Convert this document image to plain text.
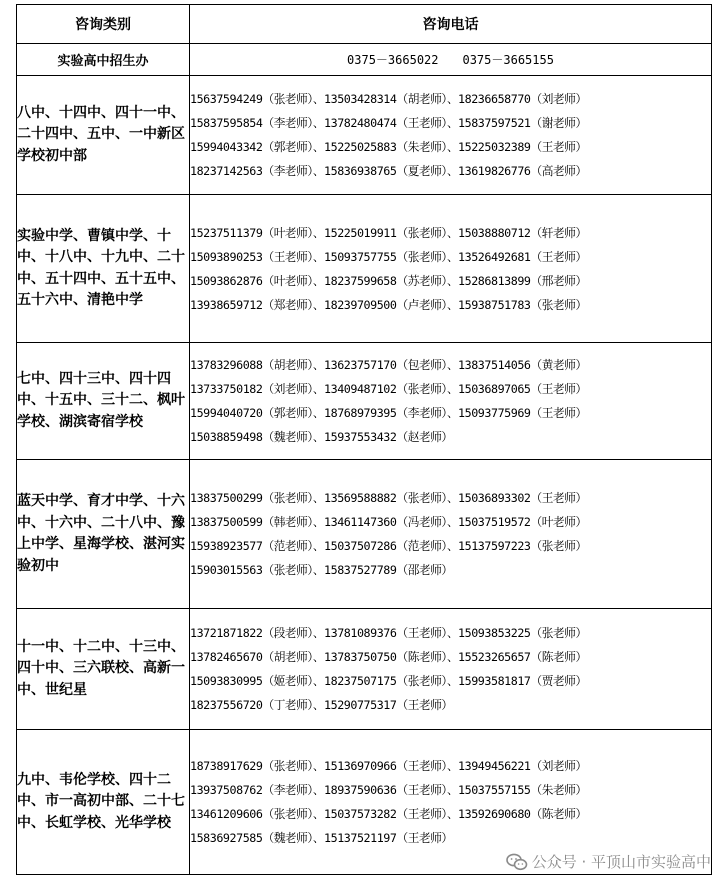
咨询类别	咨询电话
实验高中招生办	0375－3665022　　0375－3665155
八中、十四中、四十一中、二十四中、五中、一中新区学校初中部	15637594249（张老师）、13503428314（胡老师）、18236658770（刘老师）
15837595854（李老师）、13782480474（王老师）、15837597521（谢老师）
15994043342（郭老师）、15225025883（朱老师）、15225032389（王老师）
18237142563（李老师）、15836938765（夏老师）、13619826776（高老师）
实验中学、曹镇中学、十中、十八中、十九中、二十中、五十四中、五十五中、五十六中、清艳中学	15237511379（叶老师）、15225019911（张老师）、15038880712（轩老师）
15093890253（王老师）、15093757755（张老师）、13526492681（王老师）
15093862876（叶老师）、18237599658（苏老师）、15286813899（邢老师）
13938659712（郑老师）、18239709500（卢老师）、15938751783（张老师）
七中、四十三中、四十四中、十五中、三十二、枫叶学校、湖滨寄宿学校	13783296088（胡老师）、13623757170（包老师）、13837514056（黄老师）
13733750182（刘老师）、13409487102（张老师）、15036897065（王老师）
15994040720（郭老师）、18768979395（李老师）、15093775969（王老师）
15038859498（魏老师）、15937553432（赵老师）
蓝天中学、育才中学、十六中、十六中、二十八中、豫上中学、星海学校、湛河实验初中	13837500299（张老师）、13569588882（张老师）、15036893302（王老师）
13837500599（韩老师）、13461147360（冯老师）、15037519572（叶老师）
15938923577（范老师）、15037507286（范老师）、15137597223（张老师）
15903015563（张老师）、15837527789（邵老师）
十一中、十二中、十三中、四十中、三六联校、高新一中、世纪星	13721871822（段老师）、13781089376（王老师）、15093853225（张老师）
13782465670（胡老师）、13783750750（陈老师）、15523265657（陈老师）
15093830995（姬老师）、18237507175（张老师）、15993581817（贾老师）
18237556720（丁老师）、15290775317（王老师）
九中、韦伦学校、四十二中、市一高初中部、二十七中、长虹学校、光华学校	18738917629（张老师）、15136970966（王老师）、13949456221（刘老师）
13937508762（李老师）、18937590636（王老师）、15037557155（朱老师）
13461209606（张老师）、15037573282（王老师）、13592690680（陈老师）
15836927585（魏老师）、15137521197（王老师）
公众号 · 平顶山市实验高中
